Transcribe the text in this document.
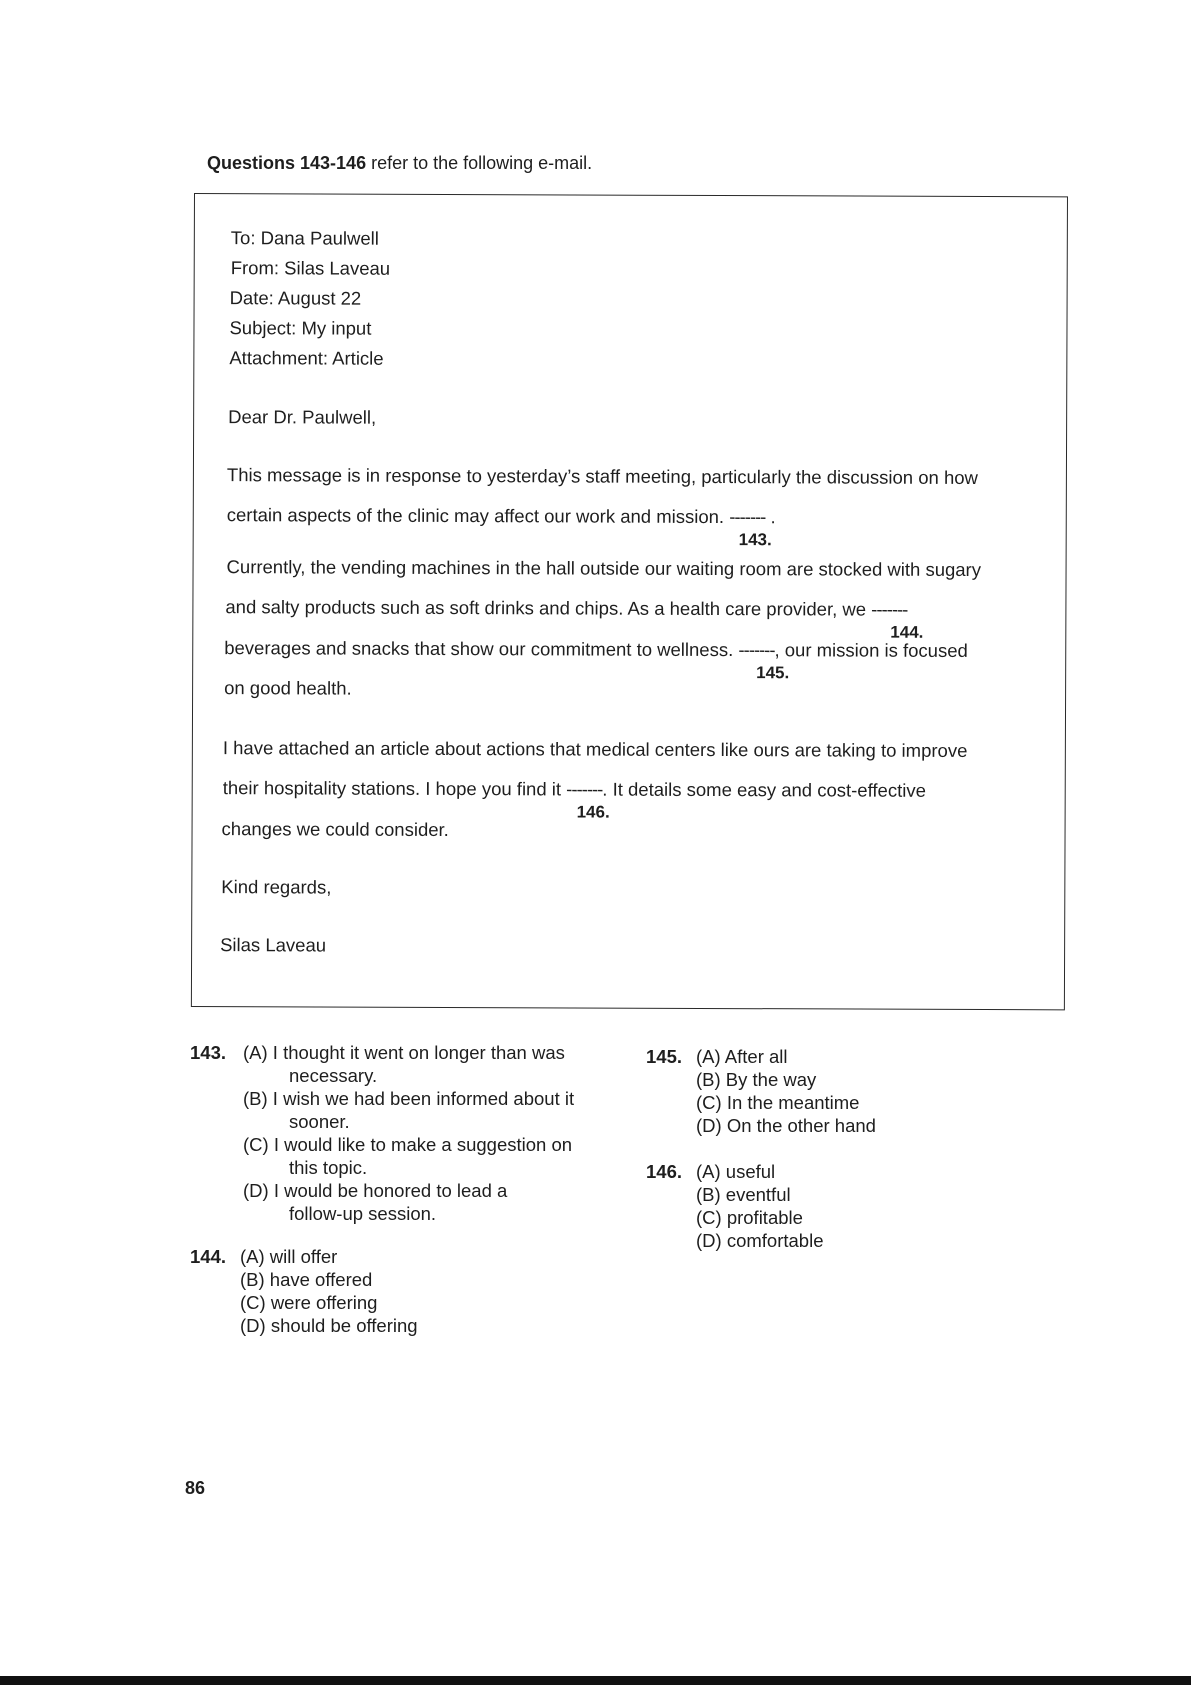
Questions 143-146 refer to the following e-mail.
To: Dana Paulwell
From: Silas Laveau
Date: August 22
Subject: My input
Attachment: Article
Dear Dr. Paulwell,
This message is in response to yesterday’s staff meeting, particularly the discussion on how
certain aspects of the clinic may affect our work and mission. ------- .
143.
Currently, the vending machines in the hall outside our waiting room are stocked with sugary
and salty products such as soft drinks and chips. As a health care provider, we -------
144.
beverages and snacks that show our commitment to wellness. -------, our mission is focused
145.
on good health.
I have attached an article about actions that medical centers like ours are taking to improve
their hospitality stations. I hope you find it -------. It details some easy and cost-effective
146.
changes we could consider.
Kind regards,
Silas Laveau
143. (A) I thought it went on longer than was
necessary.
(B) I wish we had been informed about it
sooner.
(C) I would like to make a suggestion on
this topic.
(D) I would be honored to lead a
follow-up session.
144. (A) will offer
(B) have offered
(C) were offering
(D) should be offering
145. (A) After all
(B) By the way
(C) In the meantime
(D) On the other hand
146. (A) useful
(B) eventful
(C) profitable
(D) comfortable
86
